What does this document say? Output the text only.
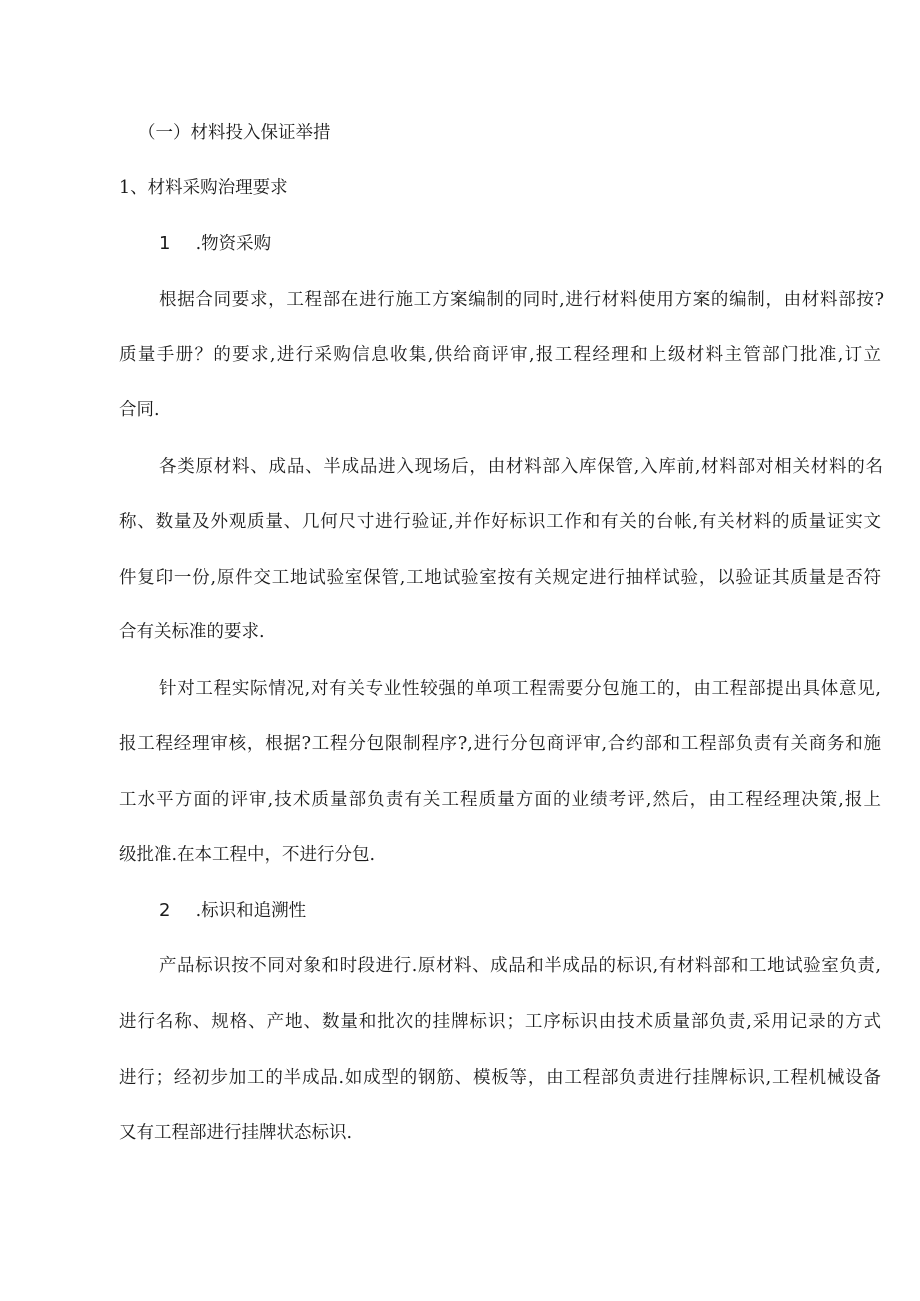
（一）材料投入保证举措
1、材料采购治理要求
1 .物资采购
根据合同要求，工程部在进行施工方案编制的同时,进行材料使用方案的编制，由材料部按?
质量手册？的要求,进行采购信息收集,供给商评审,报工程经理和上级材料主管部门批准,订立
合同.
各类原材料、成品、半成品进入现场后，由材料部入库保管,入库前,材料部对相关材料的名
称、数量及外观质量、几何尺寸进行验证,并作好标识工作和有关的台帐,有关材料的质量证实文
件复印一份,原件交工地试验室保管,工地试验室按有关规定进行抽样试验，以验证其质量是否符
合有关标准的要求.
针对工程实际情况,对有关专业性较强的单项工程需要分包施工的，由工程部提出具体意见,
报工程经理审核，根据?工程分包限制程序?,进行分包商评审,合约部和工程部负责有关商务和施
工水平方面的评审,技术质量部负责有关工程质量方面的业绩考评,然后，由工程经理决策,报上
级批准.在本工程中，不进行分包.
2 .标识和追溯性
产品标识按不同对象和时段进行.原材料、成品和半成品的标识,有材料部和工地试验室负责,
进行名称、规格、产地、数量和批次的挂牌标识；工序标识由技术质量部负责,采用记录的方式
进行；经初步加工的半成品.如成型的钢筋、模板等，由工程部负责进行挂牌标识,工程机械设备
又有工程部进行挂牌状态标识.
